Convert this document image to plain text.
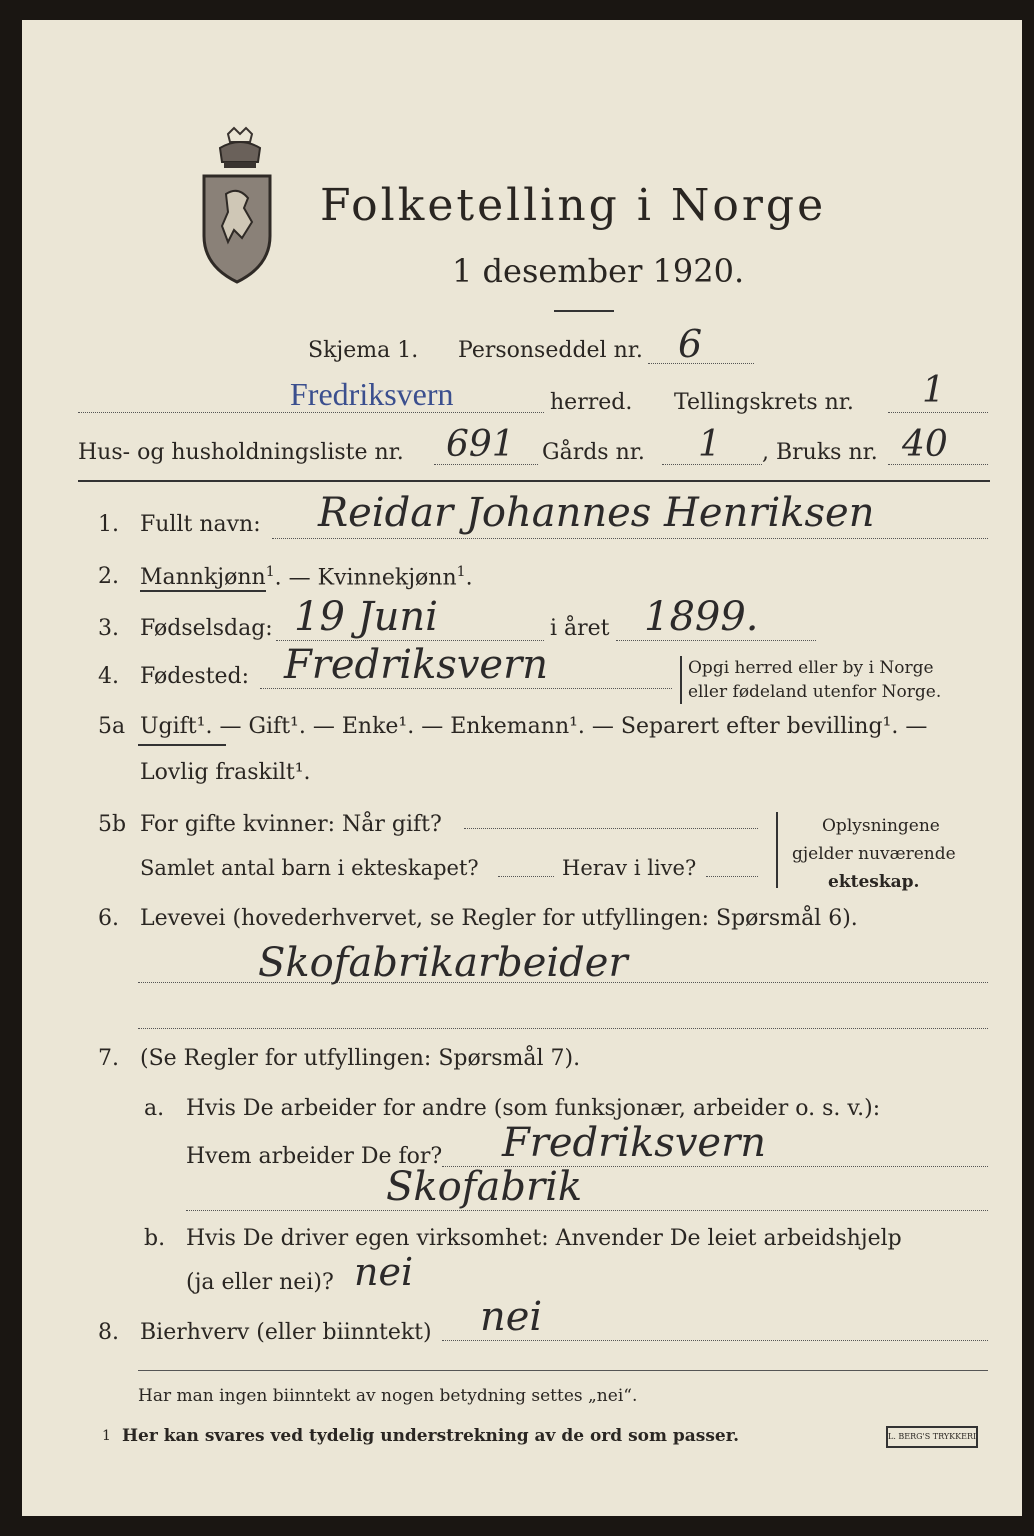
Folketelling i Norge
1 desember 1920.
Skjema 1. Personseddel nr. 6
Fredriksvern	herred. Tellingskrets nr. 1
Hus- og husholdningsliste nr. 691 Gårds nr. 1 , Bruks nr. 40
1. Fullt navn: Reidar Johannes Henriksen
2. Mannkjønn$^1$. — Kvinnekjønn$^1$.
3. Fødselsdag: 19 Juni	i året 1899.
4. Fødested: Fredriksvern	Opgi herred eller by i Norge
eller fødeland utenfor Norge.
5a Ugift¹. — Gift¹. — Enke¹. — Enkemann¹. — Separert efter bevilling¹. —
Lovlig fraskilt¹.
5b For gifte kvinner: Når gift?
Samlet antal barn i ekteskapet?	Herav i live?
Oplysningene
gjelder nuværende
ekteskap.
6. Levevei (hovederhvervet, se Regler for utfyllingen: Spørsmål 6).
Skofabrikarbeider
7. (Se Regler for utfyllingen: Spørsmål 7).
a. Hvis De arbeider for andre (som funksjonær, arbeider o. s. v.):
Hvem arbeider De for? Fredriksvern
Skofabrik
b. Hvis De driver egen virksomhet: Anvender De leiet arbeidshjelp
(ja eller nei)? nei
8. Bierhverv (eller biinntekt) nei
Har man ingen biinntekt av nogen betydning settes „nei“.
1 Her kan svares ved tydelig understrekning av de ord som passer.	L. BERG'S TRYKKERI
